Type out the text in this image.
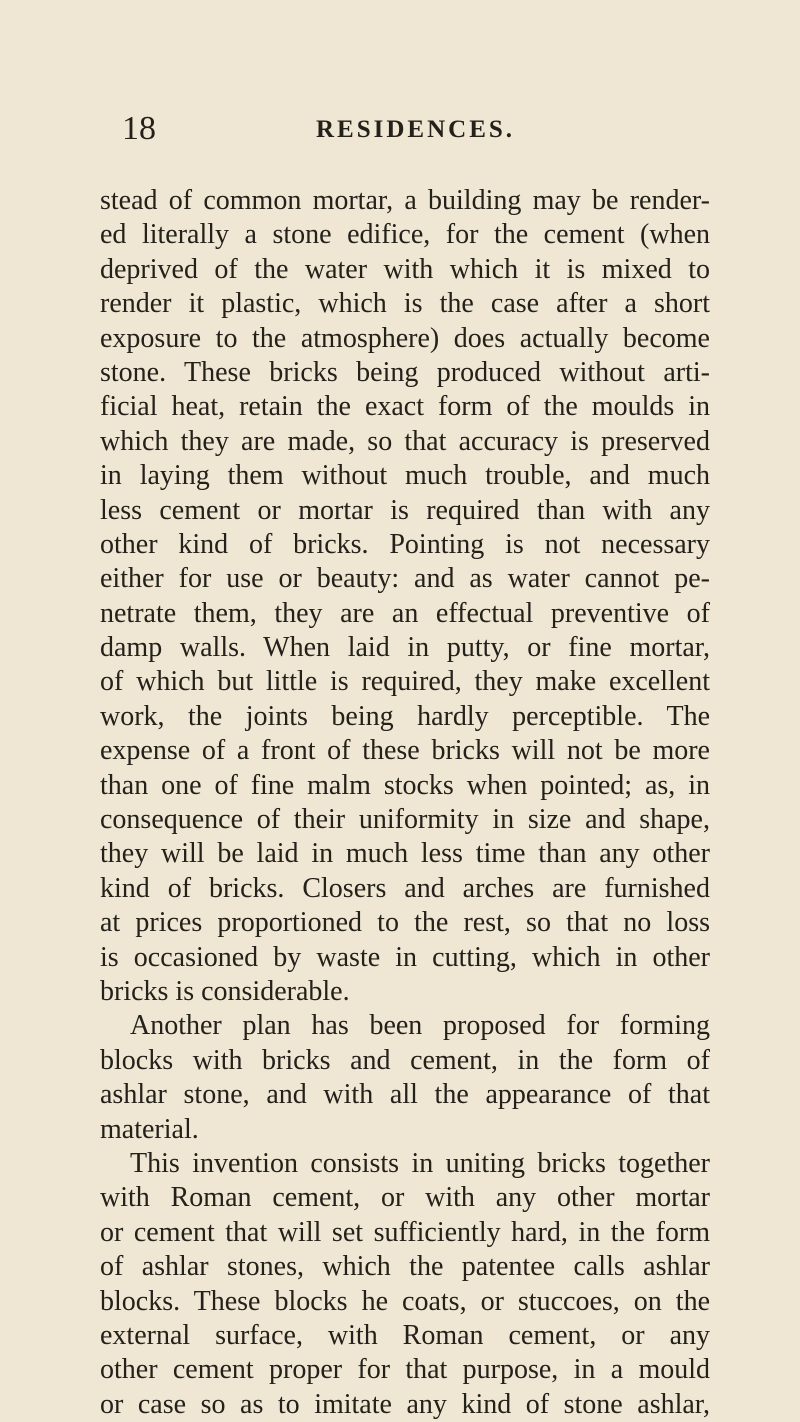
18	RESIDENCES.
stead of common mortar, a building may be render-
ed literally a stone edifice, for the cement (when
deprived of the water with which it is mixed to
render it plastic, which is the case after a short
exposure to the atmosphere) does actually become
stone. These bricks being produced without arti-
ficial heat, retain the exact form of the moulds in
which they are made, so that accuracy is preserved
in laying them without much trouble, and much
less cement or mortar is required than with any
other kind of bricks. Pointing is not necessary
either for use or beauty: and as water cannot pe-
netrate them, they are an effectual preventive of
damp walls. When laid in putty, or fine mortar,
of which but little is required, they make excellent
work, the joints being hardly perceptible. The
expense of a front of these bricks will not be more
than one of fine malm stocks when pointed; as, in
consequence of their uniformity in size and shape,
they will be laid in much less time than any other
kind of bricks. Closers and arches are furnished
at prices proportioned to the rest, so that no loss
is occasioned by waste in cutting, which in other
bricks is considerable.
Another plan has been proposed for forming
blocks with bricks and cement, in the form of
ashlar stone, and with all the appearance of that
material.
This invention consists in uniting bricks together
with Roman cement, or with any other mortar
or cement that will set sufficiently hard, in the form
of ashlar stones, which the patentee calls ashlar
blocks. These blocks he coats, or stuccoes, on the
external surface, with Roman cement, or any
other cement proper for that purpose, in a mould
or case so as to imitate any kind of stone ashlar,
